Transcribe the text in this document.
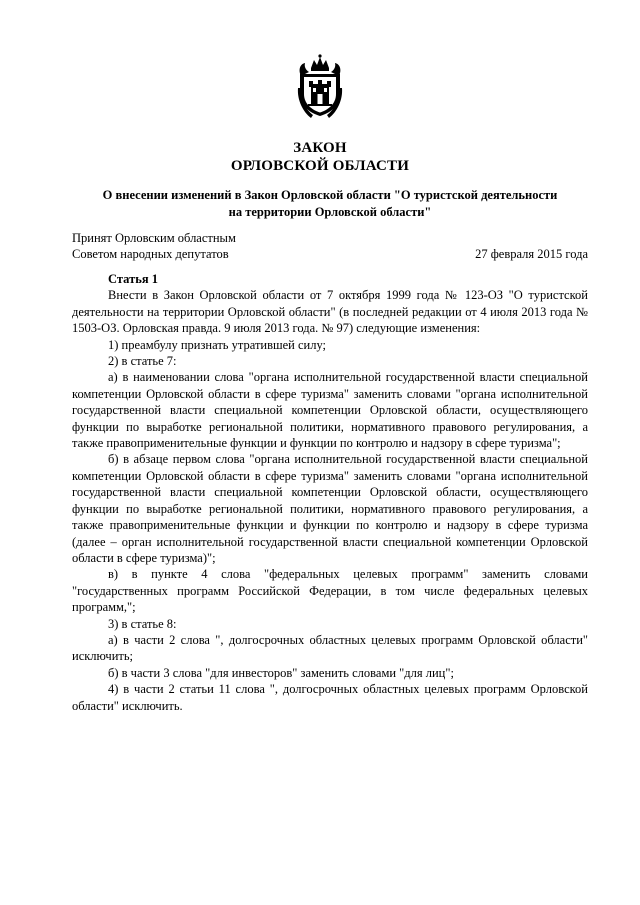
ЗАКОН
ОРЛОВСКОЙ ОБЛАСТИ
О внесении изменений в Закон Орловской области "О туристской деятельности
на территории Орловской области"
Принят Орловским областным
Советом народных депутатов	27 февраля 2015 года
Статья 1

Внести в Закон Орловской области от 7 октября 1999 года № 123-ОЗ "О туристской деятельности на территории Орловской области" (в последней редакции от 4 июля 2013 года № 1503-ОЗ. Орловская правда. 9 июля 2013 года. № 97) следующие изменения:

1) преамбулу признать утратившей силу;

2) в статье 7:

а) в наименовании слова "органа исполнительной государственной власти специальной компетенции Орловской области в сфере туризма" заменить словами "органа исполнительной государственной власти специальной компетенции Орловской области, осуществляющего функции по выработке региональной политики, нормативного правового регулирования, а также правоприменительные функции и функции по контролю и надзору в сфере туризма";

б) в абзаце первом слова "органа исполнительной государственной власти специальной компетенции Орловской области в сфере туризма" заменить словами "органа исполнительной государственной власти специальной компетенции Орловской области, осуществляющего функции по выработке региональной политики, нормативного правового регулирования, а также правоприменительные функции и функции по контролю и надзору в сфере туризма (далее – орган исполнительной государственной власти специальной компетенции Орловской области в сфере туризма)";

в) в пункте 4 слова "федеральных целевых программ" заменить словами "государственных программ Российской Федерации, в том числе федеральных целевых программ,";

3) в статье 8:

а) в части 2 слова ", долгосрочных областных целевых программ Орловской области" исключить;

б) в части 3 слова "для инвесторов" заменить словами "для лиц";

4) в части 2 статьи 11 слова ", долгосрочных областных целевых программ Орловской области" исключить.
